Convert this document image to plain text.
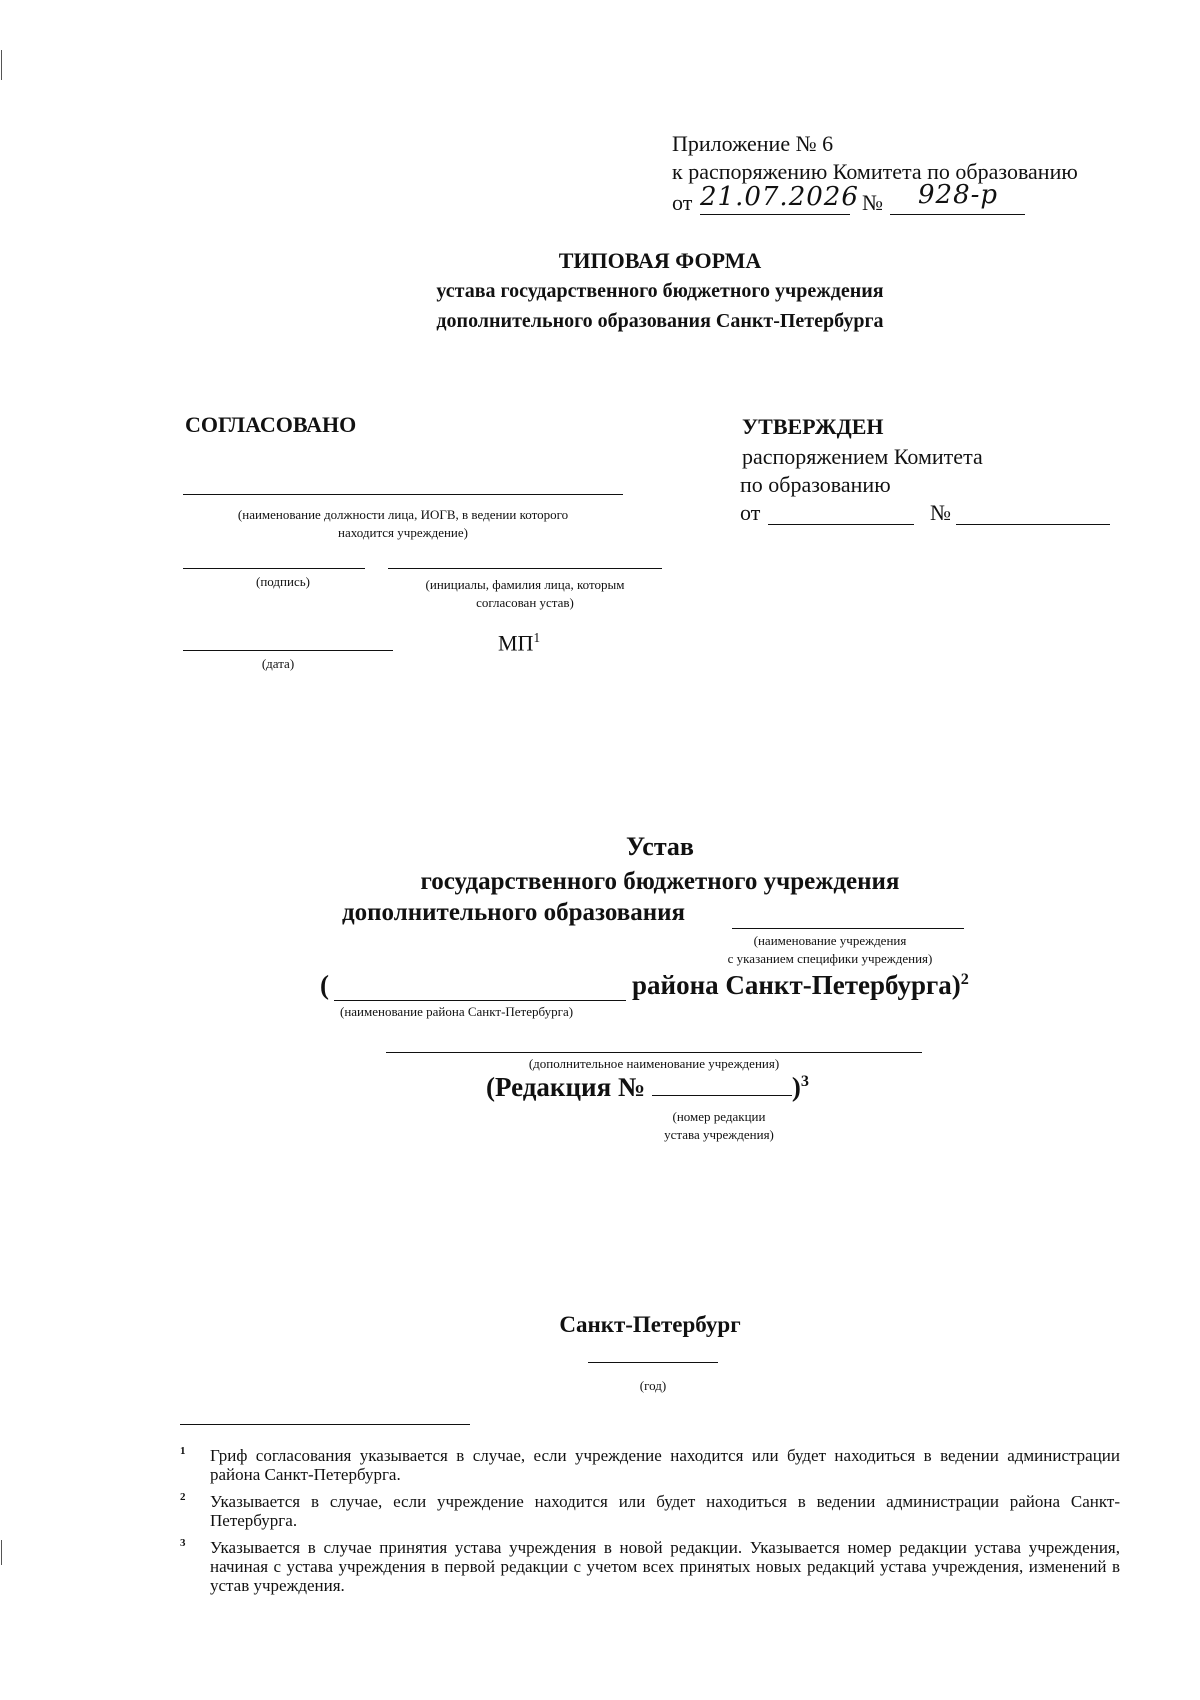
Приложение № 6
к распоряжению Комитета по образованию
от 21.07.2026 № 928-р
ТИПОВАЯ ФОРМА
устава государственного бюджетного учреждения
дополнительного образования Санкт-Петербурга
СОГЛАСОВАНО
(наименование должности лица, ИОГВ, в ведении которого
находится учреждение)
(подпись)	(инициалы, фамилия лица, которым
согласован устав)
$МП^1$
(дата)
УТВЕРЖДЕН
распоряжением Комитета
по образованию
от	№
Устав
государственного бюджетного учреждения
дополнительного образования
(наименование учреждения
с указанием специфики учреждения)
(	района Санкт-Петербурга)$^2$
(наименование района Санкт-Петербурга)
(дополнительное наименование учреждения)
(Редакция №	)$^3$
(номер редакции
устава учреждения)
Санкт-Петербург
(год)
1 Гриф согласования указывается в случае, если учреждение находится или будет находиться в ведении администрации района Санкт-Петербурга.
2 Указывается в случае, если учреждение находится или будет находиться в ведении администрации района Санкт-Петербурга.
3 Указывается в случае принятия устава учреждения в новой редакции. Указывается номер редакции устава учреждения, начиная с устава учреждения в первой редакции с учетом всех принятых новых редакций устава учреждения, изменений в устав учреждения.
